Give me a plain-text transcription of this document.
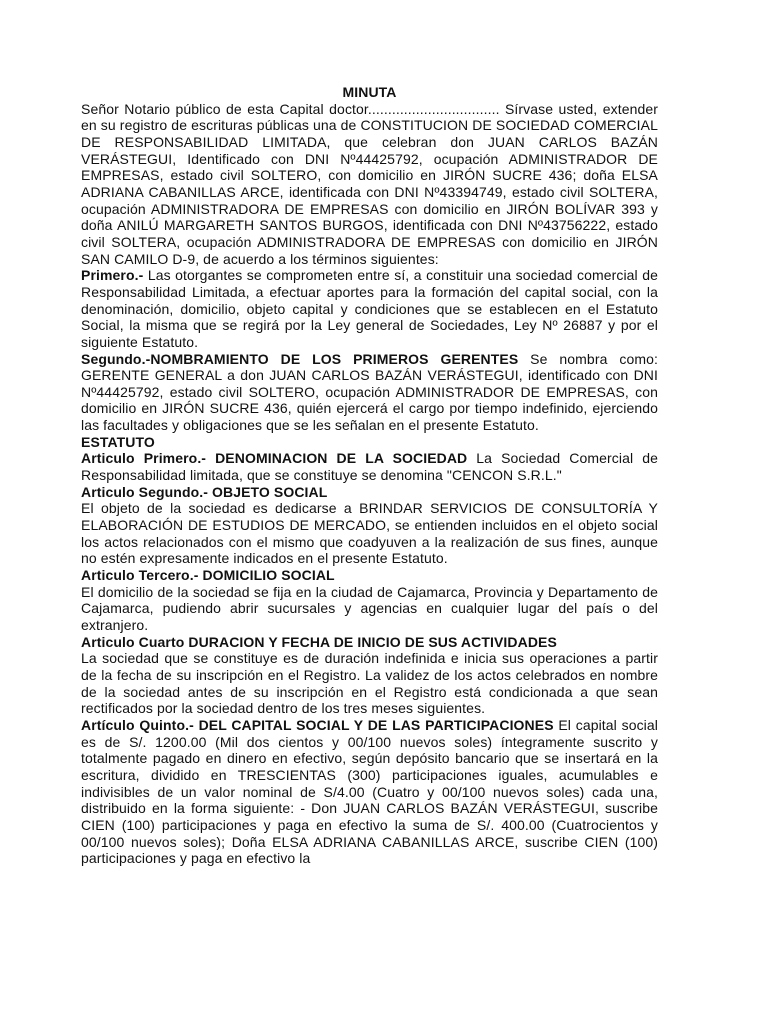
MINUTA

Señor Notario público de esta Capital doctor................................. Sírvase usted, extender en su registro de escrituras públicas una de CONSTITUCION DE SOCIEDAD COMERCIAL DE RESPONSABILIDAD LIMITADA, que celebran don JUAN CARLOS BAZÁN VERÁSTEGUI, Identificado con DNI Nº44425792, ocupación ADMINISTRADOR DE EMPRESAS, estado civil SOLTERO, con domicilio en JIRÓN SUCRE 436; doña ELSA ADRIANA CABANILLAS ARCE, identificada con DNI Nº43394749, estado civil SOLTERA, ocupación ADMINISTRADORA DE EMPRESAS con domicilio en JIRÓN BOLÍVAR 393 y doña ANILÚ MARGARETH SANTOS BURGOS, identificada con DNI Nº43756222, estado civil SOLTERA, ocupación ADMINISTRADORA DE EMPRESAS con domicilio en JIRÓN SAN CAMILO D-9, de acuerdo a los términos siguientes:

Primero.- Las otorgantes se comprometen entre sí, a constituir una sociedad comercial de Responsabilidad Limitada, a efectuar aportes para la formación del capital social, con la denominación, domicilio, objeto capital y condiciones que se establecen en el Estatuto Social, la misma que se regirá por la Ley general de Sociedades, Ley Nº 26887 y por el siguiente Estatuto.

Segundo.-NOMBRAMIENTO DE LOS PRIMEROS GERENTES Se nombra como: GERENTE GENERAL a don JUAN CARLOS BAZÁN VERÁSTEGUI, identificado con DNI Nº44425792, estado civil SOLTERO, ocupación ADMINISTRADOR DE EMPRESAS, con domicilio en JIRÓN SUCRE 436, quién ejercerá el cargo por tiempo indefinido, ejerciendo las facultades y obligaciones que se les señalan en el presente Estatuto.

ESTATUTO

Articulo Primero.- DENOMINACION DE LA SOCIEDAD La Sociedad Comercial de Responsabilidad limitada, que se constituye se denomina "CENCON S.R.L."

Articulo Segundo.- OBJETO SOCIAL

El objeto de la sociedad es dedicarse a BRINDAR SERVICIOS DE CONSULTORÍA Y ELABORACIÓN DE ESTUDIOS DE MERCADO, se entienden incluidos en el objeto social los actos relacionados con el mismo que coadyuven a la realización de sus fines, aunque no estén expresamente indicados en el presente Estatuto.

Articulo Tercero.- DOMICILIO SOCIAL

El domicilio de la sociedad se fija en la ciudad de Cajamarca, Provincia y Departamento de Cajamarca, pudiendo abrir sucursales y agencias en cualquier lugar del país o del extranjero.

Articulo Cuarto DURACION Y FECHA DE INICIO DE SUS ACTIVIDADES

La sociedad que se constituye es de duración indefinida e inicia sus operaciones a partir de la fecha de su inscripción en el Registro. La validez de los actos celebrados en nombre de la sociedad antes de su inscripción en el Registro está condicionada a que sean rectificados por la sociedad dentro de los tres meses siguientes.

Artículo Quinto.- DEL CAPITAL SOCIAL Y DE LAS PARTICIPACIONES El capital social es de S/. 1200.00 (Mil dos cientos y 00/100 nuevos soles) íntegramente suscrito y totalmente pagado en dinero en efectivo, según depósito bancario que se insertará en la escritura, dividido en TRESCIENTAS (300) participaciones iguales, acumulables e indivisibles de un valor nominal de S/4.00 (Cuatro y 00/100 nuevos soles) cada una, distribuido en la forma siguiente: - Don JUAN CARLOS BAZÁN VERÁSTEGUI, suscribe CIEN (100) participaciones y paga en efectivo la suma de S/. 400.00 (Cuatrocientos y 00/100 nuevos soles); Doña ELSA ADRIANA CABANILLAS ARCE, suscribe CIEN (100) participaciones y paga en efectivo la
